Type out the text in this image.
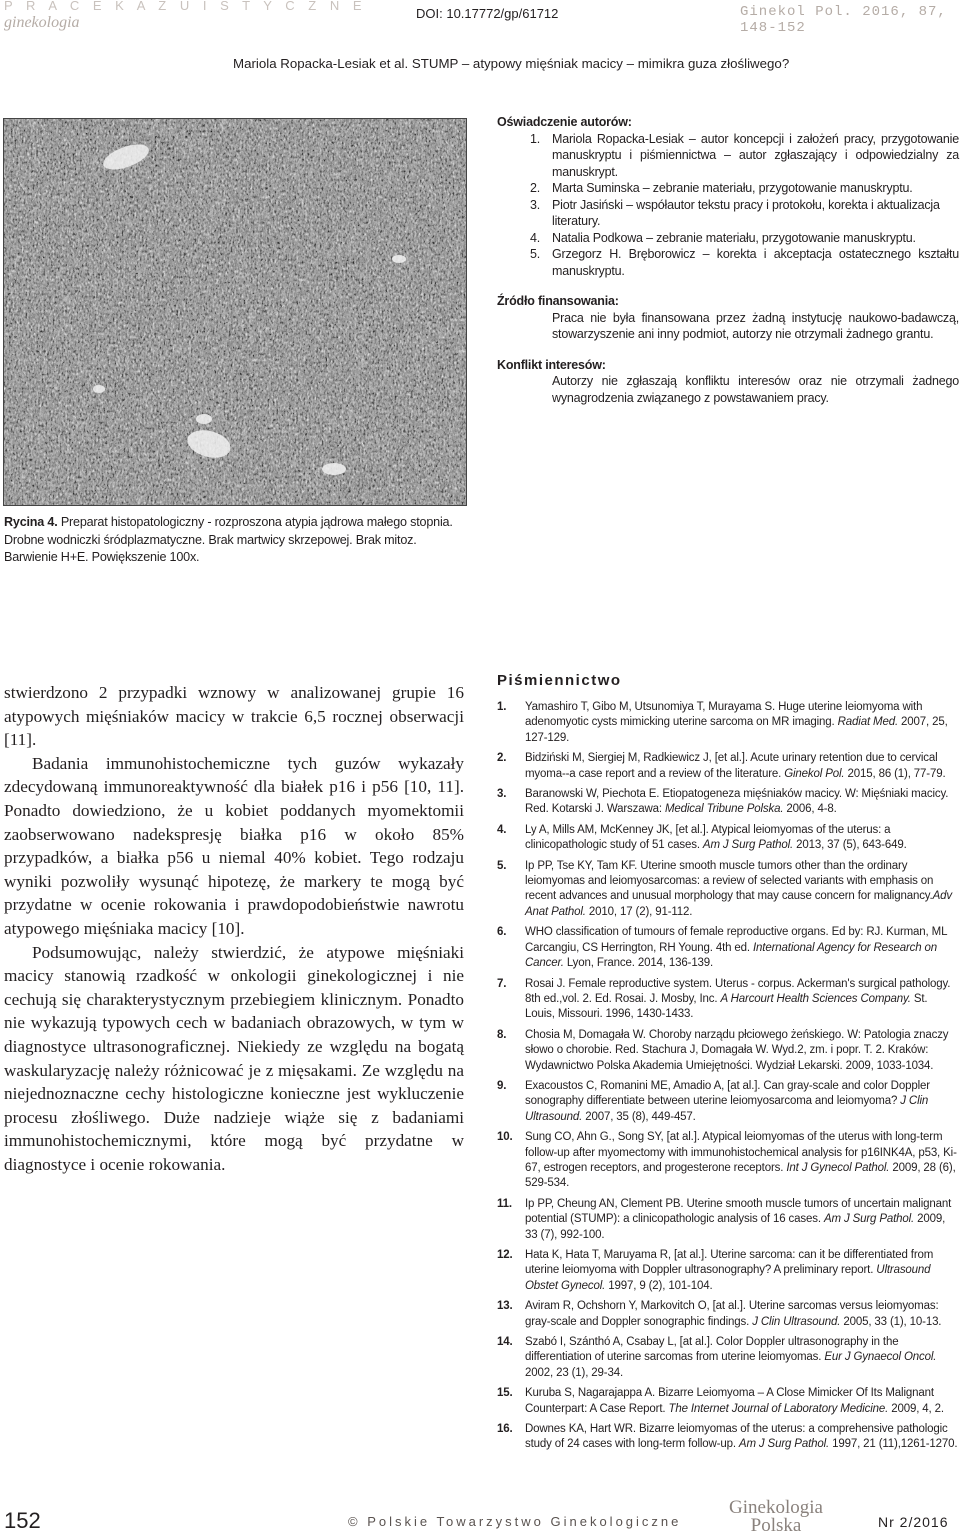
P R A C E K A Z U I S T Y C Z N E
ginekologia
DOI: 10.17772/gp/61712	Ginekol Pol. 2016, 87, 148-152
Mariola Ropacka-Lesiak et al. STUMP – atypowy mięśniak macicy – mimikra guza złośliwego?
Rycina 4. Preparat histopatologiczny - rozproszona atypia jądrowa małego stopnia. Drobne wodniczki śródplazmatyczne. Brak martwicy skrzepowej. Brak mitoz. Barwienie H+E. Powiększenie 100x.
Oświadczenie autorów:
1. Mariola Ropacka-Lesiak – autor koncepcji i założeń pracy, przygotowanie manuskryptu i piśmiennictwa – autor zgłaszający i odpowiedzialny za manuskrypt.
2. Marta Suminska – zebranie materiału, przygotowanie manuskryptu.
3. Piotr Jasiński – współautor tekstu pracy i protokołu, korekta i aktualizacja literatury.
4. Natalia Podkowa – zebranie materiału, przygotowanie manuskryptu.
5. Grzegorz H. Bręborowicz – korekta i akceptacja ostatecznego kształtu manuskryptu.
Źródło finansowania:
Praca nie była finansowana przez żadną instytucję naukowo-badawczą, stowarzyszenie ani inny podmiot, autorzy nie otrzymali żadnego grantu.
Konflikt interesów:
Autorzy nie zgłaszają konfliktu interesów oraz nie otrzymali żadnego wynagrodzenia związanego z powstawaniem pracy.

stwierdzono 2 przypadki wznowy w analizowanej grupie 16 atypowych mięśniaków macicy w trakcie 6,5 rocznej obserwacji [11].

Badania immunohistochemiczne tych guzów wykazały zdecydowaną immunoreaktywność dla białek p16 i p56 [10, 11]. Ponadto dowiedziono, że u kobiet poddanych myomektomii zaobserwowano nadekspresję białka p16 w około 85% przypadków, a białka p56 u niemal 40% kobiet. Tego rodzaju wyniki pozwoliły wysunąć hipotezę, że markery te mogą być przydatne w ocenie rokowania i prawdopodobieństwie nawrotu atypowego mięśniaka macicy [10].

Podsumowując, należy stwierdzić, że atypowe mięśniaki macicy stanowią rzadkość w onkologii ginekologicznej i nie cechują się charakterystycznym przebiegiem klinicznym. Ponadto nie wykazują typowych cech w badaniach obrazowych, w tym w diagnostyce ultrasonograficznej. Niekiedy ze względu na bogatą waskularyzację należy różnicować je z mięsakami. Ze względu na niejednoznaczne cechy histologiczne konieczne jest wykluczenie procesu złośliwego. Duże nadzieje wiąże się z badaniami immunohistochemicznymi, które mogą być przydatne w diagnostyce i ocenie rokowania.

Piśmiennictwo
1. Yamashiro T, Gibo M, Utsunomiya T, Murayama S. Huge uterine leiomyoma with adenomyotic cysts mimicking uterine sarcoma on MR imaging. Radiat Med. 2007, 25, 127-129.
2. Bidziński M, Siergiej M, Radkiewicz J, [et al.]. Acute urinary retention due to cervical myoma--a case report and a review of the literature. Ginekol Pol. 2015, 86 (1), 77-79.
3. Baranowski W, Piechota E. Etiopatogeneza mięśniaków macicy. W: Mięśniaki macicy. Red. Kotarski J. Warszawa: Medical Tribune Polska. 2006, 4-8.
4. Ly A, Mills AM, McKenney JK, [et al.]. Atypical leiomyomas of the uterus: a clinicopathologic study of 51 cases. Am J Surg Pathol. 2013, 37 (5), 643-649.
5. Ip PP, Tse KY, Tam KF. Uterine smooth muscle tumors other than the ordinary leiomyomas and leiomyosarcomas: a review of selected variants with emphasis on recent advances and unusual morphology that may cause concern for malignancy.Adv Anat Pathol. 2010, 17 (2), 91-112.
6. WHO classification of tumours of female reproductive organs. Ed by: RJ. Kurman, ML Carcangiu, CS Herrington, RH Young. 4th ed. International Agency for Research on Cancer. Lyon, France. 2014, 136-139.
7. Rosai J. Female reproductive system. Uterus - corpus. Ackerman's surgical pathology. 8th ed.,vol. 2. Ed. Rosai. J. Mosby, Inc. A Harcourt Health Sciences Company. St. Louis, Missouri. 1996, 1430-1433.
8. Chosia M, Domagała W. Choroby narządu płciowego żeńskiego. W: Patologia znaczy słowo o chorobie. Red. Stachura J, Domagała W. Wyd.2, zm. i popr. T. 2. Kraków: Wydawnictwo Polska Akademia Umiejętności. Wydział Lekarski. 2009, 1033-1034.
9. Exacoustos C, Romanini ME, Amadio A, [at al.]. Can gray-scale and color Doppler sonography differentiate between uterine leiomyosarcoma and leiomyoma? J Clin Ultrasound. 2007, 35 (8), 449-457.
10. Sung CO, Ahn G., Song SY, [at al.]. Atypical leiomyomas of the uterus with long-term follow-up after myomectomy with immunohistochemical analysis for p16INK4A, p53, Ki-67, estrogen receptors, and progesterone receptors. Int J Gynecol Pathol. 2009, 28 (6), 529-534.
11. Ip PP, Cheung AN, Clement PB. Uterine smooth muscle tumors of uncertain malignant potential (STUMP): a clinicopathologic analysis of 16 cases. Am J Surg Pathol. 2009, 33 (7), 992-100.
12. Hata K, Hata T, Maruyama R, [at al.]. Uterine sarcoma: can it be differentiated from uterine leiomyoma with Doppler ultrasonography? A preliminary report. Ultrasound Obstet Gynecol. 1997, 9 (2), 101-104.
13. Aviram R, Ochshorn Y, Markovitch O, [at al.]. Uterine sarcomas versus leiomyomas: gray-scale and Doppler sonographic findings. J Clin Ultrasound. 2005, 33 (1), 10-13.
14. Szabó I, Szánthó A, Csabay L, [at al.]. Color Doppler ultrasonography in the differentiation of uterine sarcomas from uterine leiomyomas. Eur J Gynaecol Oncol. 2002, 23 (1), 29-34.
15. Kuruba S, Nagarajappa A. Bizarre Leiomyoma – A Close Mimicker Of Its Malignant Counterpart: A Case Report. The Internet Journal of Laboratory Medicine. 2009, 4, 2.
16. Downes KA, Hart WR. Bizarre leiomyomas of the uterus: a comprehensive pathologic study of 24 cases with long-term follow-up. Am J Surg Pathol. 1997, 21 (11),1261-1270.
152	© Polskie Towarzystwo Ginekologiczne
Ginekologia
Polska	Nr 2/2016
